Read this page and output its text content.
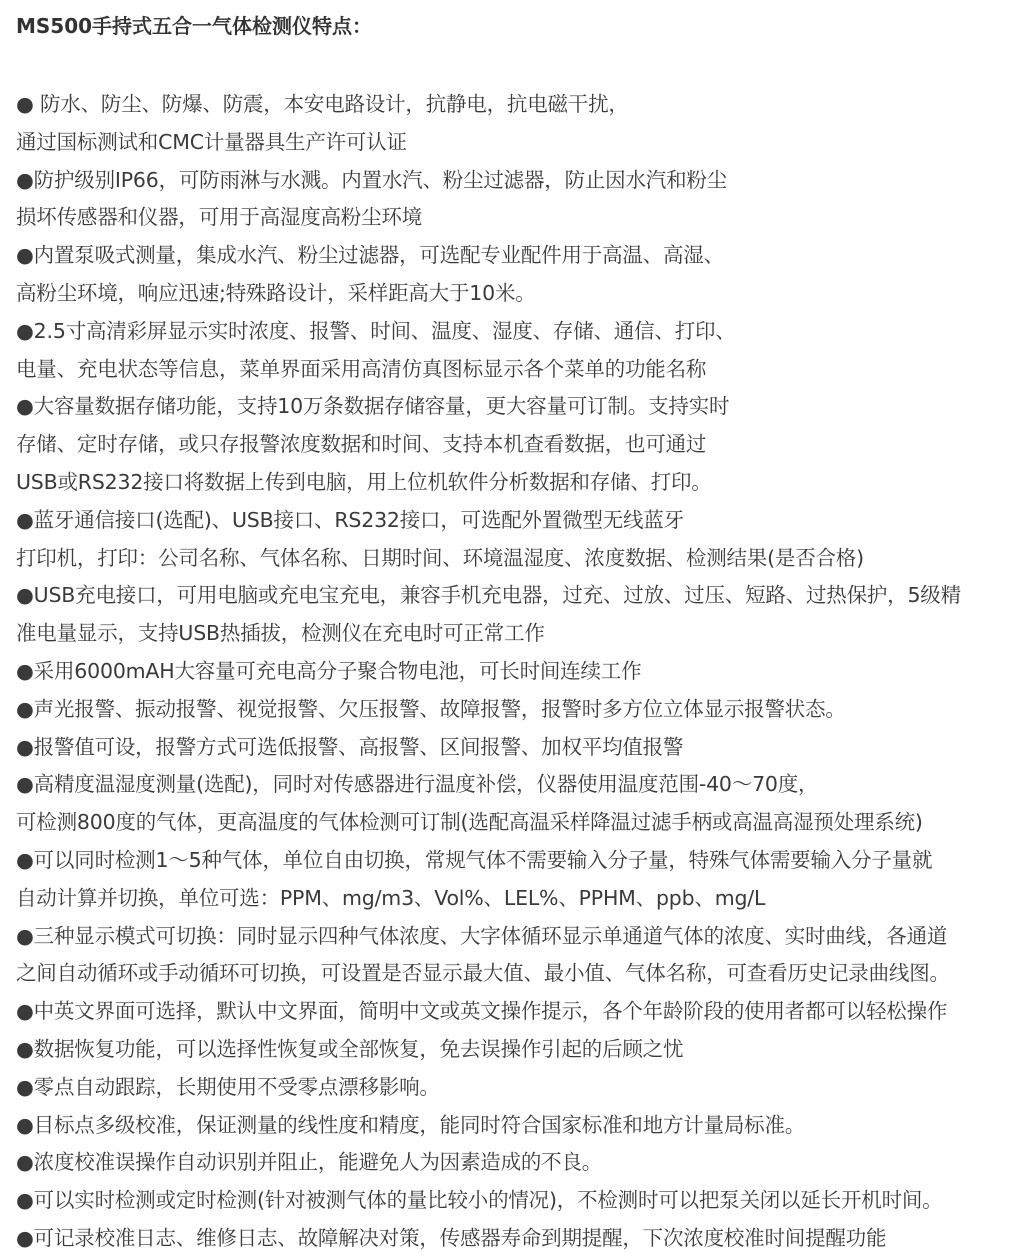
MS500手持式五合一气体检测仪特点：

● 防水、防尘、防爆、防震，本安电路设计，抗静电，抗电磁干扰，

通过国标测试和CMC计量器具生产许可认证

●防护级别IP66，可防雨淋与水溅。内置水汽、粉尘过滤器，防止因水汽和粉尘

损坏传感器和仪器，可用于高湿度高粉尘环境

●内置泵吸式测量，集成水汽、粉尘过滤器，可选配专业配件用于高温、高湿、

高粉尘环境，响应迅速;特殊路设计，采样距高大于10米。

●2.5寸高清彩屏显示实时浓度、报警、时间、温度、湿度、存储、通信、打印、

电量、充电状态等信息，菜单界面采用高清仿真图标显示各个菜单的功能名称

●大容量数据存储功能，支持10万条数据存储容量，更大容量可订制。支持实时

存储、定时存储，或只存报警浓度数据和时间、支持本机查看数据，也可通过

USB或RS232接口将数据上传到电脑，用上位机软件分析数据和存储、打印。

●蓝牙通信接口(选配)、USB接口、RS232接口，可选配外置微型无线蓝牙

打印机，打印：公司名称、气体名称、日期时间、环境温湿度、浓度数据、检测结果(是否合格)

●USB充电接口，可用电脑或充电宝充电，兼容手机充电器，过充、过放、过压、短路、过热保护，5级精

准电量显示，支持USB热插拔，检测仪在充电时可正常工作

●采用6000mAH大容量可充电高分子聚合物电池，可长时间连续工作

●声光报警、振动报警、视觉报警、欠压报警、故障报警，报警时多方位立体显示报警状态。

●报警值可设，报警方式可选低报警、高报警、区间报警、加权平均值报警

●高精度温湿度测量(选配)，同时对传感器进行温度补偿，仪器使用温度范围-40～70度，

可检测800度的气体，更高温度的气体检测可订制(选配高温采样降温过滤手柄或高温高湿预处理系统)

●可以同时检测1～5种气体，单位自由切换，常规气体不需要输入分子量，特殊气体需要输入分子量就

自动计算并切换，单位可选：PPM、mg/m3、Vol%、LEL%、PPHM、ppb、mg/L

●三种显示模式可切换：同时显示四种气体浓度、大字体循环显示单通道气体的浓度、实时曲线，各通道

之间自动循环或手动循环可切换，可设置是否显示最大值、最小值、气体名称，可查看历史记录曲线图。

●中英文界面可选择，默认中文界面，简明中文或英文操作提示，各个年龄阶段的使用者都可以轻松操作

●数据恢复功能，可以选择性恢复或全部恢复，免去误操作引起的后顾之忧

●零点自动跟踪，长期使用不受零点漂移影响。

●目标点多级校准，保证测量的线性度和精度，能同时符合国家标准和地方计量局标准。

●浓度校准误操作自动识别并阻止，能避免人为因素造成的不良。

●可以实时检测或定时检测(针对被测气体的量比较小的情况)，不检测时可以把泵关闭以延长开机时间。

●可记录校准日志、维修日志、故障解决对策，传感器寿命到期提醒，下次浓度校准时间提醒功能
